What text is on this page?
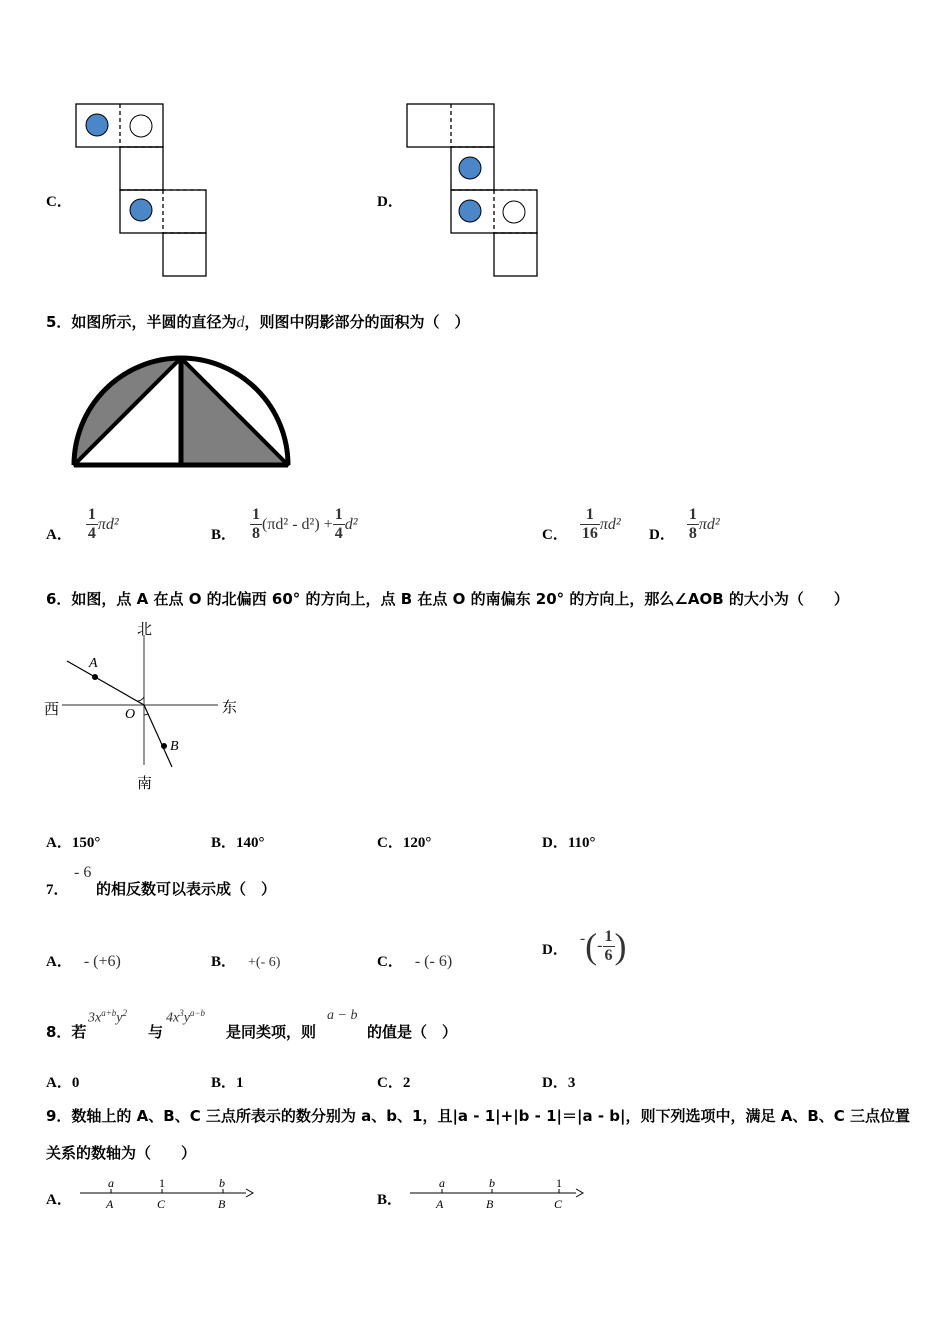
C．	D．
5．如图所示，半圆的直径为d，则图中阴影部分的面积为（　）
A． $\frac{1}{4} \pi d^2$
B． $\frac{1}{8} (\pi d^2 - d^2) + \frac{1}{4} d^2$
C． $\frac{1}{16} \pi d^2$
D． $\frac{1}{8} \pi d^2$
6．如图，点 A 在点 O 的北偏西 60° 的方向上，点 B 在点 O 的南偏东 20° 的方向上，那么∠AOB 的大小为（　　）
北
南
西	东
A
B
O
A．150°	B．140°	C．120°	D．110°
7．
- 6
的相反数可以表示成（　）
A． - (+6)	B． +(- 6)	C． - (- 6)
D．
- ( - $\frac{1}{6}$ )
8．若
$3x^{a+b}y^2$
与
$4x^3y^{a-b}$
是同类项，则
a − b
的值是（　）
A．0	B．1	C．2	D．3
9．数轴上的 A、B、C 三点所表示的数分别为 a、b、1，且|a - 1|+|b - 1|＝|a - b|，则下列选项中，满足 A、B、C 三点位置
关系的数轴为（　　）
A．
a	1	b
A	C	B	B．
a	b	1
A	B	C
